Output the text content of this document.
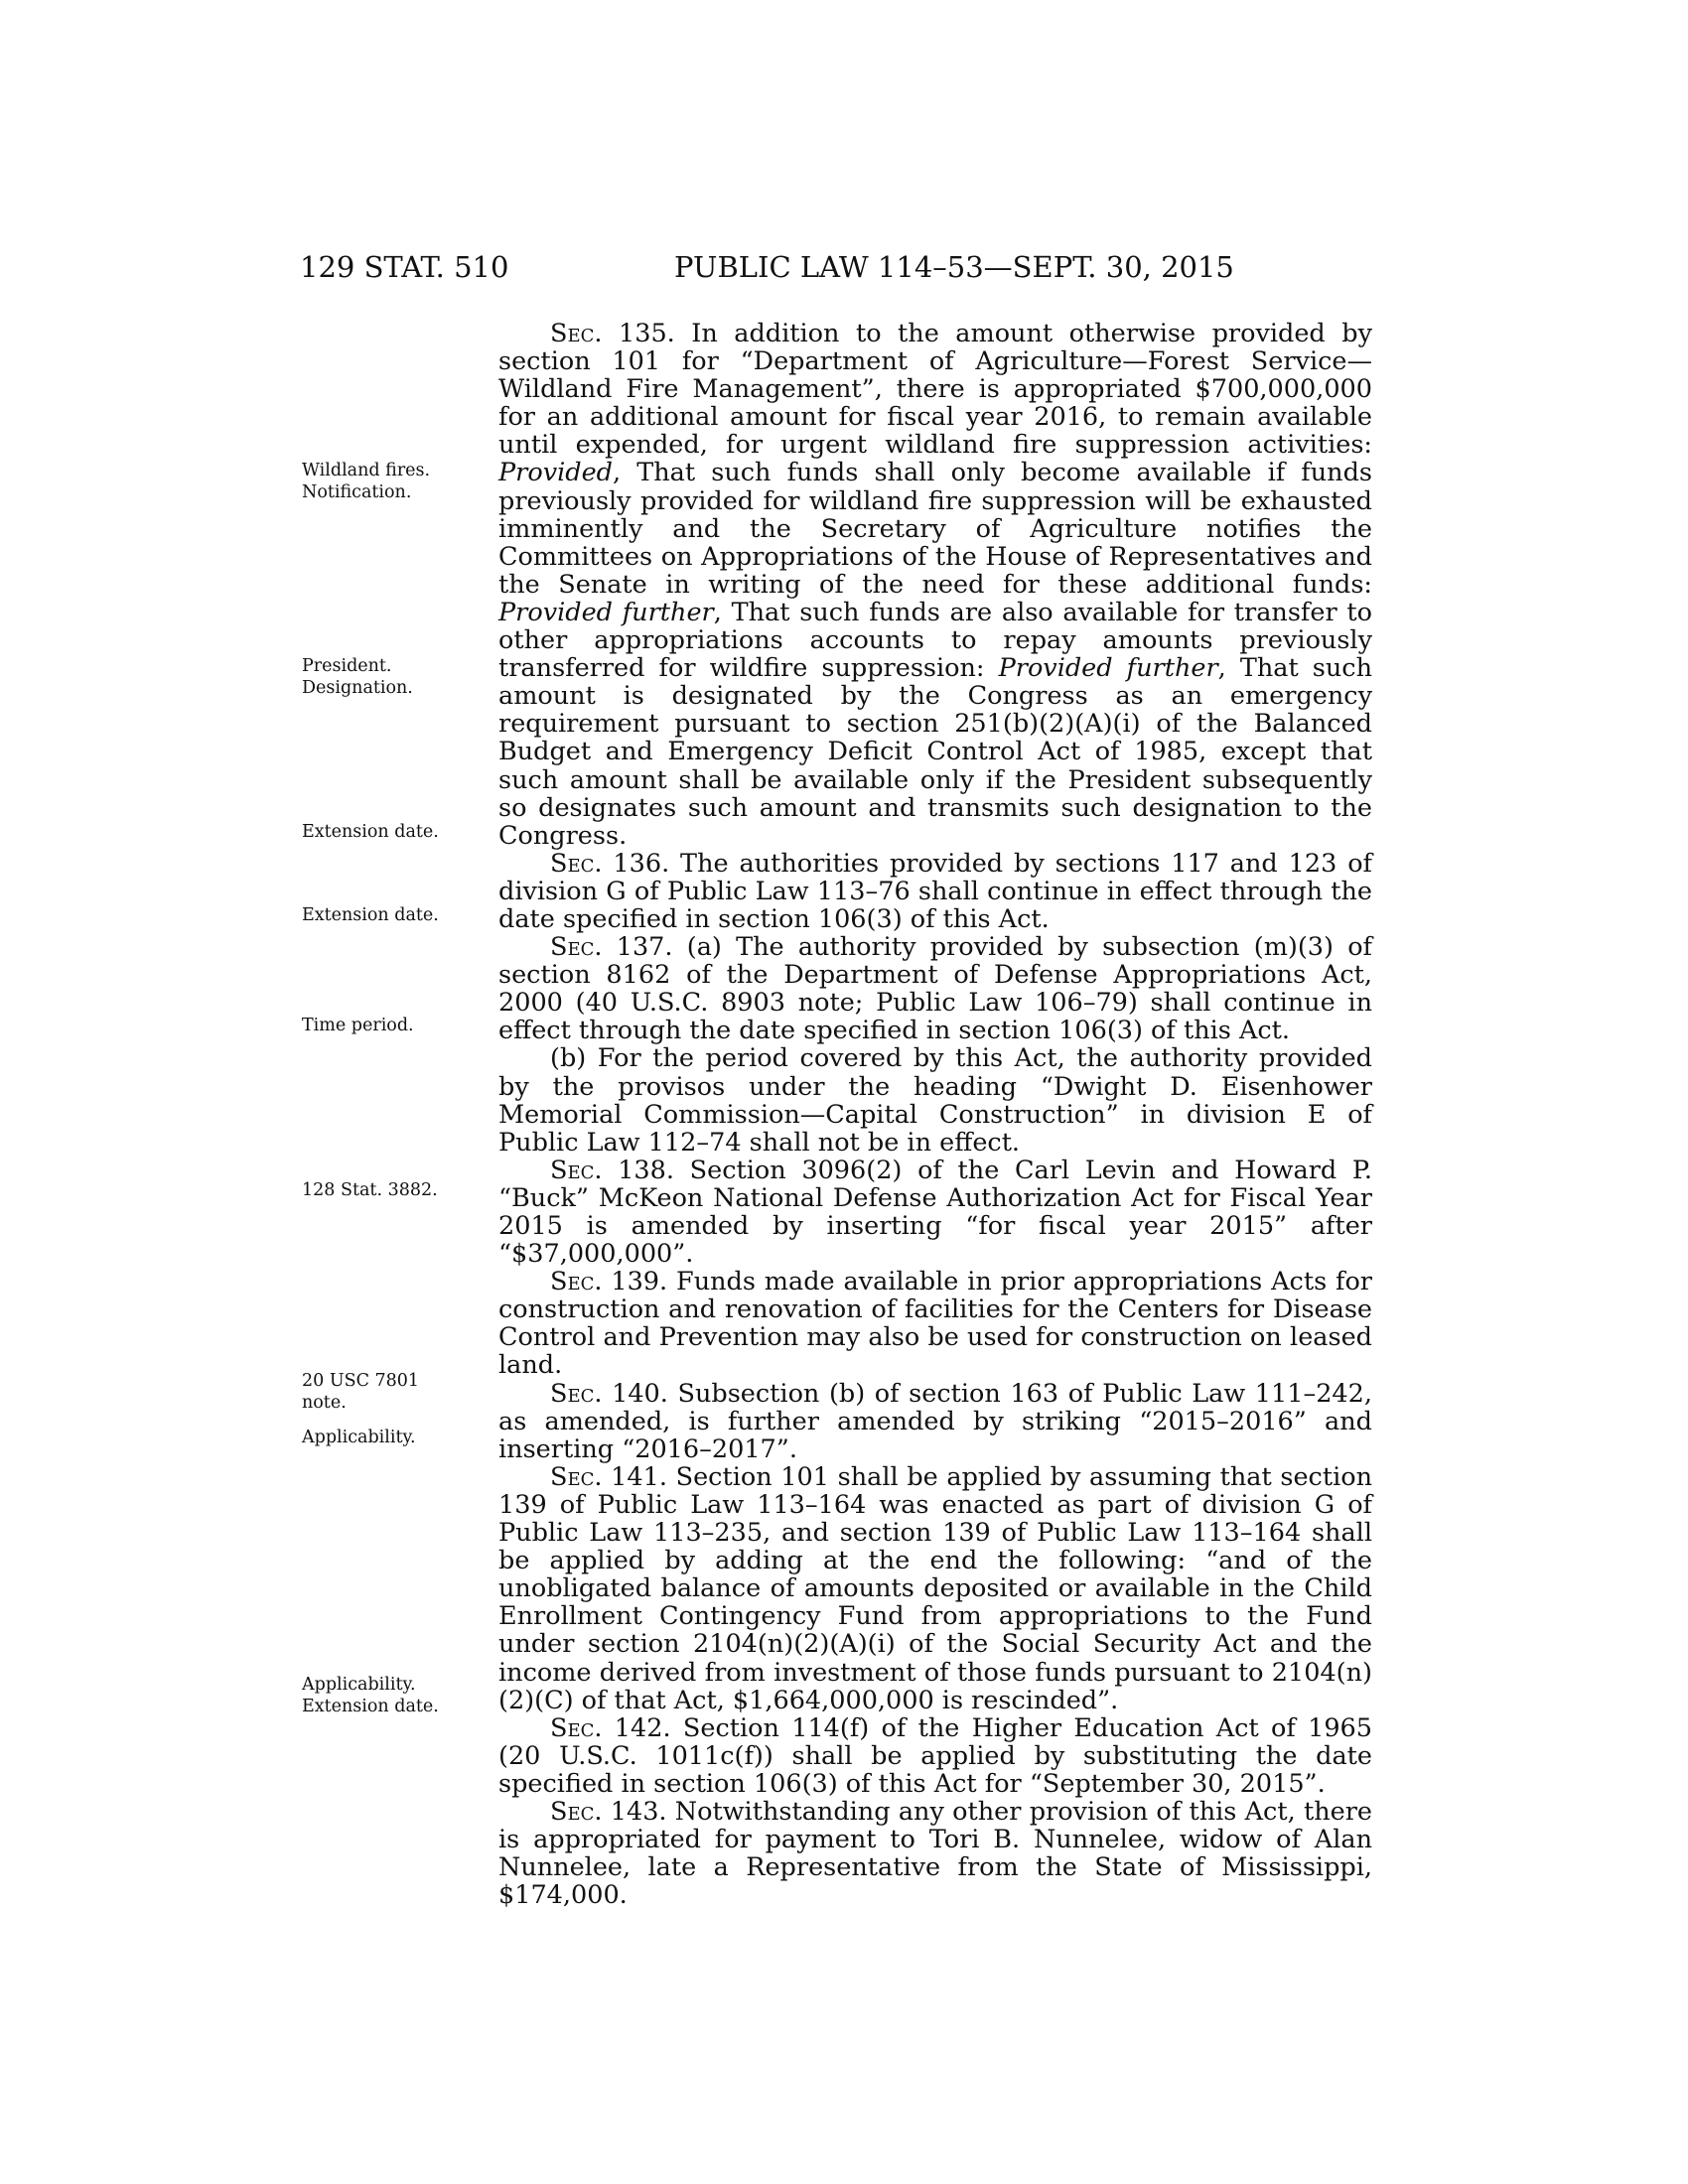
129 STAT. 510	PUBLIC LAW 114–53—SEPT. 30, 2015
Wildland fires.
Notification.
President.
Designation.
Extension date.
Extension date.
Time period.
128 Stat. 3882.
20 USC 7801
note.
Applicability.
Applicability.
Extension date.

Sec. 135. In addition to the amount otherwise provided by section 101 for “Department of Agriculture—Forest Service—Wildland Fire Management”, there is appropriated $700,000,000 for an additional amount for fiscal year 2016, to remain available until expended, for urgent wildland fire suppression activities: Provided, That such funds shall only become available if funds previously provided for wildland fire suppression will be exhausted imminently and the Secretary of Agriculture notifies the Committees on Appropriations of the House of Representatives and the Senate in writing of the need for these additional funds: Provided further, That such funds are also available for transfer to other appropriations accounts to repay amounts previously transferred for wildfire suppression: Provided further, That such amount is designated by the Congress as an emergency requirement pursuant to section 251(b)(2)(A)(i) of the Balanced Budget and Emergency Deficit Control Act of 1985, except that such amount shall be available only if the President subsequently so designates such amount and transmits such designation to the Congress.

Sec. 136. The authorities provided by sections 117 and 123 of division G of Public Law 113–76 shall continue in effect through the date specified in section 106(3) of this Act.

Sec. 137. (a) The authority provided by subsection (m)(3) of section 8162 of the Department of Defense Appropriations Act, 2000 (40 U.S.C. 8903 note; Public Law 106–79) shall continue in effect through the date specified in section 106(3) of this Act.

(b) For the period covered by this Act, the authority provided by the provisos under the heading “Dwight D. Eisenhower Memorial Commission—Capital Construction” in division E of Public Law 112–74 shall not be in effect.

Sec. 138. Section 3096(2) of the Carl Levin and Howard P. “Buck” McKeon National Defense Authorization Act for Fiscal Year 2015 is amended by inserting “for fiscal year 2015” after “$37,000,000”.

Sec. 139. Funds made available in prior appropriations Acts for construction and renovation of facilities for the Centers for Disease Control and Prevention may also be used for construction on leased land.

Sec. 140. Subsection (b) of section 163 of Public Law 111–242, as amended, is further amended by striking “2015–2016” and inserting “2016–2017”.

Sec. 141. Section 101 shall be applied by assuming that section 139 of Public Law 113–164 was enacted as part of division G of Public Law 113–235, and section 139 of Public Law 113–164 shall be applied by adding at the end the following: “and of the unobligated balance of amounts deposited or available in the Child Enrollment Contingency Fund from appropriations to the Fund under section 2104(n)(2)(A)(i) of the Social Security Act and the income derived from investment of those funds pursuant to 2104(n)(2)(C) of that Act, $1,664,000,000 is rescinded”.

Sec. 142. Section 114(f) of the Higher Education Act of 1965 (20 U.S.C. 1011c(f)) shall be applied by substituting the date specified in section 106(3) of this Act for “September 30, 2015”.

Sec. 143. Notwithstanding any other provision of this Act, there is appropriated for payment to Tori B. Nunnelee, widow of Alan Nunnelee, late a Representative from the State of Mississippi, $174,000.
